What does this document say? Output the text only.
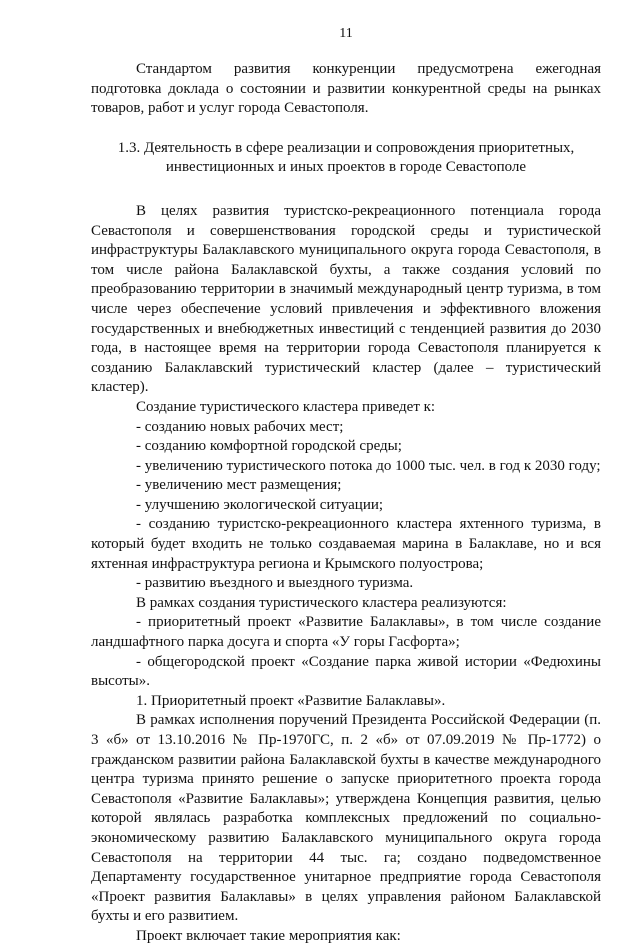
11

Стандартом развития конкуренции предусмотрена ежегодная подготовка доклада о состоянии и развитии конкурентной среды на рынках товаров, работ и услуг города Севастополя.

1.3. Деятельность в сфере реализации и сопровождения приоритетных,

инвестиционных и иных проектов в городе Севастополе

В целях развития туристско-рекреационного потенциала города Севастополя и совершенствования городской среды и туристической инфраструктуры Балаклавского муниципального округа города Севастополя, в том числе района Балаклавской бухты, а также создания условий по преобразованию территории в значимый международный центр туризма, в том числе через обеспечение условий привлечения и эффективного вложения государственных и внебюджетных инвестиций с тенденцией развития до 2030 года, в настоящее время на территории города Севастополя планируется к созданию Балаклавский туристический кластер (далее – туристический кластер).

Создание туристического кластера приведет к:

- созданию новых рабочих мест;

- созданию комфортной городской среды;

- увеличению туристического потока до 1000 тыс. чел. в год к 2030 году;

- увеличению мест размещения;

- улучшению экологической ситуации;

- созданию туристско-рекреационного кластера яхтенного туризма, в который будет входить не только создаваемая марина в Балаклаве, но и вся яхтенная инфраструктура региона и Крымского полуострова;

- развитию въездного и выездного туризма.

В рамках создания туристического кластера реализуются:

- приоритетный проект «Развитие Балаклавы», в том числе создание ландшафтного парка досуга и спорта «У горы Гасфорта»;

- общегородской проект «Создание парка живой истории «Федюхины высоты».

1. Приоритетный проект «Развитие Балаклавы».

В рамках исполнения поручений Президента Российской Федерации (п. 3 «б» от 13.10.2016 № Пр-1970ГС, п. 2 «б» от 07.09.2019 № Пр-1772) о гражданском развитии района Балаклавской бухты в качестве международного центра туризма принято решение о запуске приоритетного проекта города Севастополя «Развитие Балаклавы»; утверждена Концепция развития, целью которой являлась разработка комплексных предложений по социально-экономическому развитию Балаклавского муниципального округа города Севастополя на территории 44 тыс. га; создано подведомственное Департаменту государственное унитарное предприятие города Севастополя «Проект развития Балаклавы» в целях управления районом Балаклавской бухты и его развитием.

Проект включает такие мероприятия как:
